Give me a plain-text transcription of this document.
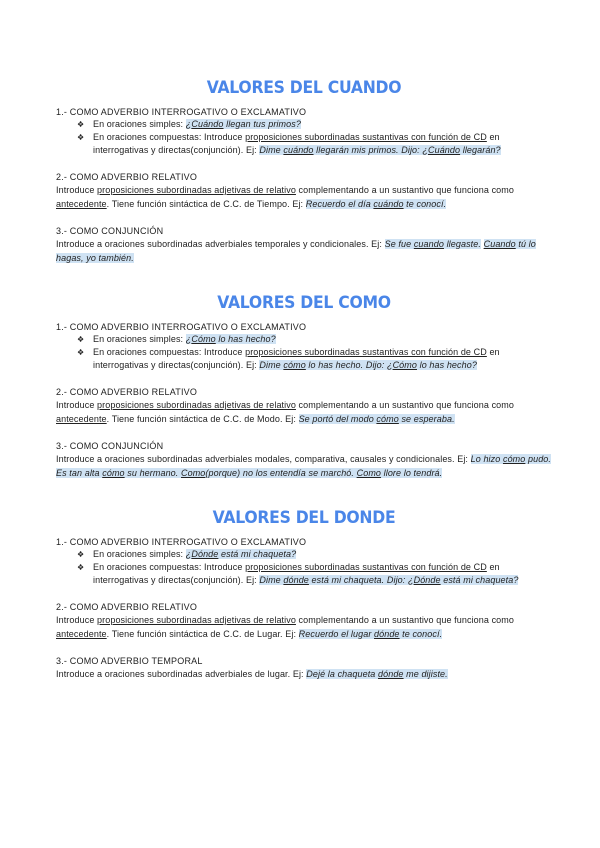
VALORES DEL CUANDO

1.- COMO ADVERBIO INTERROGATIVO O EXCLAMATIVO

❖ En oraciones simples: ¿Cuándo llegan tus primos?
❖ En oraciones compuestas: Introduce proposiciones subordinadas sustantivas con función de CD en interrogativas y directas(conjunción). Ej: Dime cuándo llegarán mis primos. Dijo: ¿Cuándo llegarán?

2.- COMO ADVERBIO RELATIVO

Introduce proposiciones subordinadas adjetivas de relativo complementando a un sustantivo que funciona como antecedente. Tiene función sintáctica de C.C. de Tiempo. Ej: Recuerdo el día cuándo te conocí.

3.- COMO CONJUNCIÓN

Introduce a oraciones subordinadas adverbiales temporales y condicionales. Ej: Se fue cuando llegaste. Cuando tú lo hagas, yo también.

VALORES DEL COMO

1.- COMO ADVERBIO INTERROGATIVO O EXCLAMATIVO

❖ En oraciones simples: ¿Cómo lo has hecho?
❖ En oraciones compuestas: Introduce proposiciones subordinadas sustantivas con función de CD en interrogativas y directas(conjunción). Ej: Dime cómo lo has hecho. Dijo: ¿Cómo lo has hecho?

2.- COMO ADVERBIO RELATIVO

Introduce proposiciones subordinadas adjetivas de relativo complementando a un sustantivo que funciona como antecedente. Tiene función sintáctica de C.C. de Modo. Ej: Se portó del modo cómo se esperaba.

3.- COMO CONJUNCIÓN

Introduce a oraciones subordinadas adverbiales modales, comparativa, causales y condicionales. Ej: Lo hizo cómo pudo. Es tan alta cómo su hermano. Como(porque) no los entendía se marchó. Como llore lo tendrá.

VALORES DEL DONDE

1.- COMO ADVERBIO INTERROGATIVO O EXCLAMATIVO

❖ En oraciones simples: ¿Dónde está mi chaqueta?
❖ En oraciones compuestas: Introduce proposiciones subordinadas sustantivas con función de CD en interrogativas y directas(conjunción). Ej: Dime dónde está mi chaqueta. Dijo: ¿Dónde está mi chaqueta?

2.- COMO ADVERBIO RELATIVO

Introduce proposiciones subordinadas adjetivas de relativo complementando a un sustantivo que funciona como antecedente. Tiene función sintáctica de C.C. de Lugar. Ej: Recuerdo el lugar dónde te conocí.

3.- COMO ADVERBIO TEMPORAL

Introduce a oraciones subordinadas adverbiales de lugar. Ej: Dejé la chaqueta dónde me dijiste.
